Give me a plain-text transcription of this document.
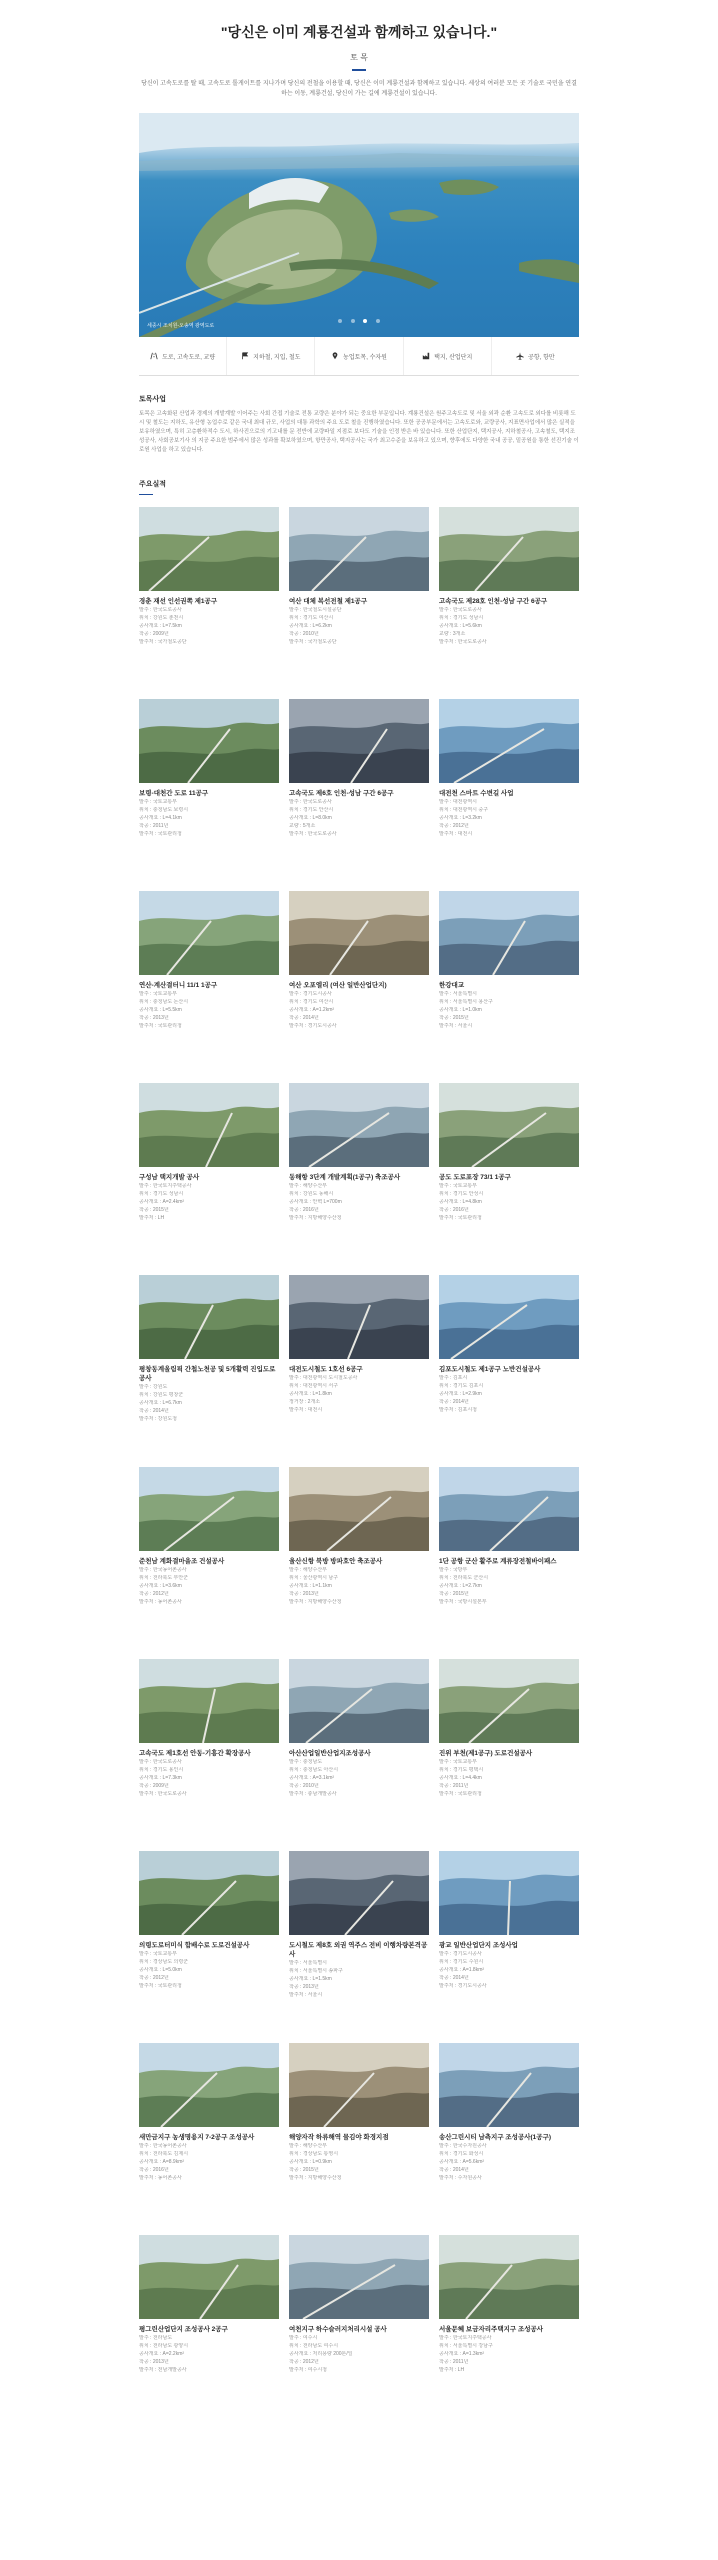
"당신은 이미 계룡건설과 함께하고 있습니다."
토 목
당신이 고속도로를 탈 때, 고속도로 톨게이트를 지나가며 당신의 전철을 이용할 때, 당신은 이미 계룡건설과 함께하고 있습니다. 세상의 여러분 모든 곳 기술로 국민을 연결하는 이동, 계룡건설, 당신이 가는 길에 계룡건설이 있습니다.
세종시 조치원-오송역 광역도로

도로, 고속도로, 교량	지하철, 지입, 철도	농업토목, 수자원	택지, 산업단지	공항, 항만
토목사업
토목은 고속화된 산업과 경제의 개발계발 이어주는 사회 간접 기술로 전통 교량은 분야가 되는 중요한 부문입니다. 계룡건설은 원주고속도로 및 서울 외곽 순환 고속도로 외다를 비롯해 도시 및 철도는 지하도, 유산형 농업수로 같은 국내 최대 규모, 사업의 대통 과학의 주요 도로 철을 진행하였습니다. 또한 공공부문에서는 고속도로와, 교량공사, 지표면사업에서 많은 실적을 보유하였으며, 특히 고층환하적수 도시, 하사진으로의 기고내를 문 전반에 교량파일 지점로 보다도 기술을 인정 받은 바 있습니다. 또한 산업단지, 택지공사, 지하철공사, 고속철도, 택지조성공사, 사회공보기사 의 지공 주요한 범주에서 많은 성과를 확보하였으며, 항만공사, 택지공사는 국가 최고수준을 보유하고 있으며, 향후에도 다양한 국내 공공, 밑공원을 통한 선진기술 이로원 사업을 하고 있습니다.
주요실적
경춘 재선 인선권쪽 제1공구
발주 : 한국도로공사
위치 : 강원도 춘천시
공사개요 : L=7.5km
착공 : 2009년
발주처 : 국가철도공단
여산 대체 복선전철 제1공구
발주 : 한국철도시설공단
위치 : 경기도 여산시
공사개요 : L=6.2km
착공 : 2010년
발주처 : 국가철도공단
고속국도 제28호 인천-성남 구간 6공구
발주 : 한국도로공사
위치 : 경기도 성남시
공사개요 : L=5.6km
교량 : 3개소
발주처 : 한국도로공사
보령-대천간 도로 11공구
발주 : 국토교통부
위치 : 충청남도 보령시
공사개요 : L=4.1km
착공 : 2011년
발주처 : 국토관리청
고속국도 제6호 인천-성남 구간 6공구
발주 : 한국도로공사
위치 : 경기도 안산시
공사개요 : L=8.0km
교량 : 5개소
발주처 : 한국도로공사
대전천 스마트 수변길 사업
발주 : 대전광역시
위치 : 대전광역시 중구
공사개요 : L=3.2km
착공 : 2012년
발주처 : 대전시
연산-계산결터니 11/1 1공구
발주 : 국토교통부
위치 : 충청남도 논산시
공사개요 : L=5.5km
착공 : 2013년
발주처 : 국토관리청
여산 오포엘리 (여산 일반산업단지)
발주 : 경기도시공사
위치 : 경기도 여산시
공사개요 : A=1.2km²
착공 : 2014년
발주처 : 경기도시공사
한강대교
발주 : 서울특별시
위치 : 서울특별시 용산구
공사개요 : L=1.0km
착공 : 2015년
발주처 : 서울시
구성남 택지개발 공사
발주 : 한국토지주택공사
위치 : 경기도 성남시
공사개요 : A=2.4km²
착공 : 2015년
발주처 : LH
동해항 3단계 개발계획(1공구) 축조공사
발주 : 해양수산부
위치 : 강원도 동해시
공사개요 : 안벽 L=700m
착공 : 2016년
발주처 : 지방해양수산청
공도 도로포장 73/1 1공구
발주 : 국토교통부
위치 : 경기도 안성시
공사개요 : L=4.8km
착공 : 2016년
발주처 : 국토관리청
평창동계올림픽 간첩노천공 및 5개활력 진입도로 공사
발주 : 강원도
위치 : 강원도 평창군
공사개요 : L=6.7km
착공 : 2014년
발주처 : 강원도청
대전도시철도 1호선 6공구
발주 : 대전광역시 도시철도공사
위치 : 대전광역시 서구
공사개요 : L=1.8km
정거장 : 2개소
발주처 : 대전시
김포도시철도 제1공구 노반건설공사
발주 : 김포시
위치 : 경기도 김포시
공사개요 : L=2.9km
착공 : 2014년
발주처 : 김포시청
준천남 계화결마을조 건설공사
발주 : 한국농어촌공사
위치 : 전라북도 부안군
공사개요 : L=3.6km
착공 : 2012년
발주처 : 농어촌공사
울산신항 북방 방파호안 축조공사
발주 : 해양수산부
위치 : 울산광역시 남구
공사개요 : L=1.1km
착공 : 2013년
발주처 : 지방해양수산청
1단 공항 군산 활주로 계류장전철바이패스
발주 : 국방부
위치 : 전라북도 군산시
공사개요 : L=2.7km
착공 : 2015년
발주처 : 국방시설본부
고속국도 제1호선 안동-기흥간 확장공사
발주 : 한국도로공사
위치 : 경기도 용인시
공사개요 : L=7.3km
착공 : 2009년
발주처 : 한국도로공사
아산산업일반산업지조성공사
발주 : 충청남도
위치 : 충청남도 아산시
공사개요 : A=3.1km²
착공 : 2010년
발주처 : 충남개발공사
진위 부천(제1공구) 도로건설공사
발주 : 국토교통부
위치 : 경기도 평택시
공사개요 : L=4.4km
착공 : 2011년
발주처 : 국토관리청
의령도로터미식 합배수로 도로건설공사
발주 : 국토교통부
위치 : 경상남도 의령군
공사개요 : L=5.0km
착공 : 2012년
발주처 : 국토관리청
도시철도 제8호 외권 역주스 전비 이행차량본격공사
발주 : 서울특별시
위치 : 서울특별시 송파구
공사개요 : L=1.5km
착공 : 2013년
발주처 : 서울시
광교 일반산업단지 조성사업
발주 : 경기도시공사
위치 : 경기도 수원시
공사개요 : A=1.8km²
착공 : 2014년
발주처 : 경기도시공사
새만금지구 농생명용지 7-2공구 조성공사
발주 : 한국농어촌공사
위치 : 전라북도 김제시
공사개요 : A=8.9km²
착공 : 2016년
발주처 : 농어촌공사
해양자작 하류해역 물김야 화경지점
발주 : 해양수산부
위치 : 경상남도 통영시
공사개요 : L=0.9km
착공 : 2015년
발주처 : 지방해양수산청
송산그린시티 남측지구 조성공사(1공구)
발주 : 한국수자원공사
위치 : 경기도 화성시
공사개요 : A=5.6km²
착공 : 2014년
발주처 : 수자원공사
평그린산업단지 조성공사 2공구
발주 : 전라남도
위치 : 전라남도 광양시
공사개요 : A=2.2km²
착공 : 2013년
발주처 : 전남개발공사
여천지구 하수슬러지처리시설 공사
발주 : 여수시
위치 : 전라남도 여수시
공사개요 : 처리용량 200톤/일
착공 : 2012년
발주처 : 여수시청
서울문혜 보금자리주택지구 조성공사
발주 : 한국토지주택공사
위치 : 서울특별시 강남구
공사개요 : A=1.3km²
착공 : 2011년
발주처 : LH
